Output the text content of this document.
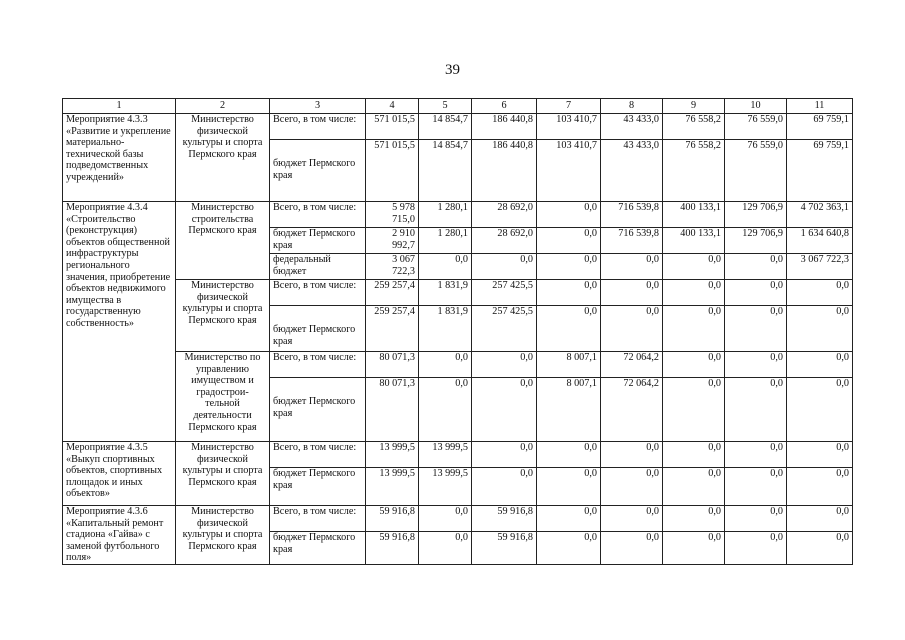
39
1	2	3	4	5	6	7	8	9	10	11
Мероприятие 4.3.3 «Развитие и укрепление материально-технической базы подведомственных учреждений»	Министерство физической культуры и спорта Пермского края	Всего, в том числе:	571 015,5	14 854,7	186 440,8	103 410,7	43 433,0	76 558,2	76 559,0	69 759,1
		бюджет Пермского края	571 015,5	14 854,7	186 440,8	103 410,7	43 433,0	76 558,2	76 559,0	69 759,1
Мероприятие 4.3.4 «Строительство (реконструкция) объектов общественной инфраструктуры регионального значения, приобретение объектов недвижимого имущества в государственную собственность»	Министерство строительства Пермского края	Всего, в том числе:	5 978 715,0	1 280,1	28 692,0	0,0	716 539,8	400 133,1	129 706,9	4 702 363,1
		бюджет Пермского края	2 910 992,7	1 280,1	28 692,0	0,0	716 539,8	400 133,1	129 706,9	1 634 640,8
		федеральный бюджет	3 067 722,3	0,0	0,0	0,0	0,0	0,0	0,0	3 067 722,3
	Министерство физической культуры и спорта Пермского края	Всего, в том числе:	259 257,4	1 831,9	257 425,5	0,0	0,0	0,0	0,0	0,0
		бюджет Пермского края	259 257,4	1 831,9	257 425,5	0,0	0,0	0,0	0,0	0,0
	Министерство по управлению имуществом и градострои-тельной деятельности Пермского края	Всего, в том числе:	80 071,3	0,0	0,0	8 007,1	72 064,2	0,0	0,0	0,0
		бюджет Пермского края	80 071,3	0,0	0,0	8 007,1	72 064,2	0,0	0,0	0,0
Мероприятие 4.3.5 «Выкуп спортивных объектов, спортивных площадок и иных объектов»	Министерство физической культуры и спорта Пермского края	Всего, в том числе:	13 999,5	13 999,5	0,0	0,0	0,0	0,0	0,0	0,0
		бюджет Пермского края	13 999,5	13 999,5	0,0	0,0	0,0	0,0	0,0	0,0
Мероприятие 4.3.6 «Капитальный ремонт стадиона «Гайва» с заменой футбольного поля»	Министерство физической культуры и спорта Пермского края	Всего, в том числе:	59 916,8	0,0	59 916,8	0,0	0,0	0,0	0,0	0,0
		бюджет Пермского края	59 916,8	0,0	59 916,8	0,0	0,0	0,0	0,0	0,0
